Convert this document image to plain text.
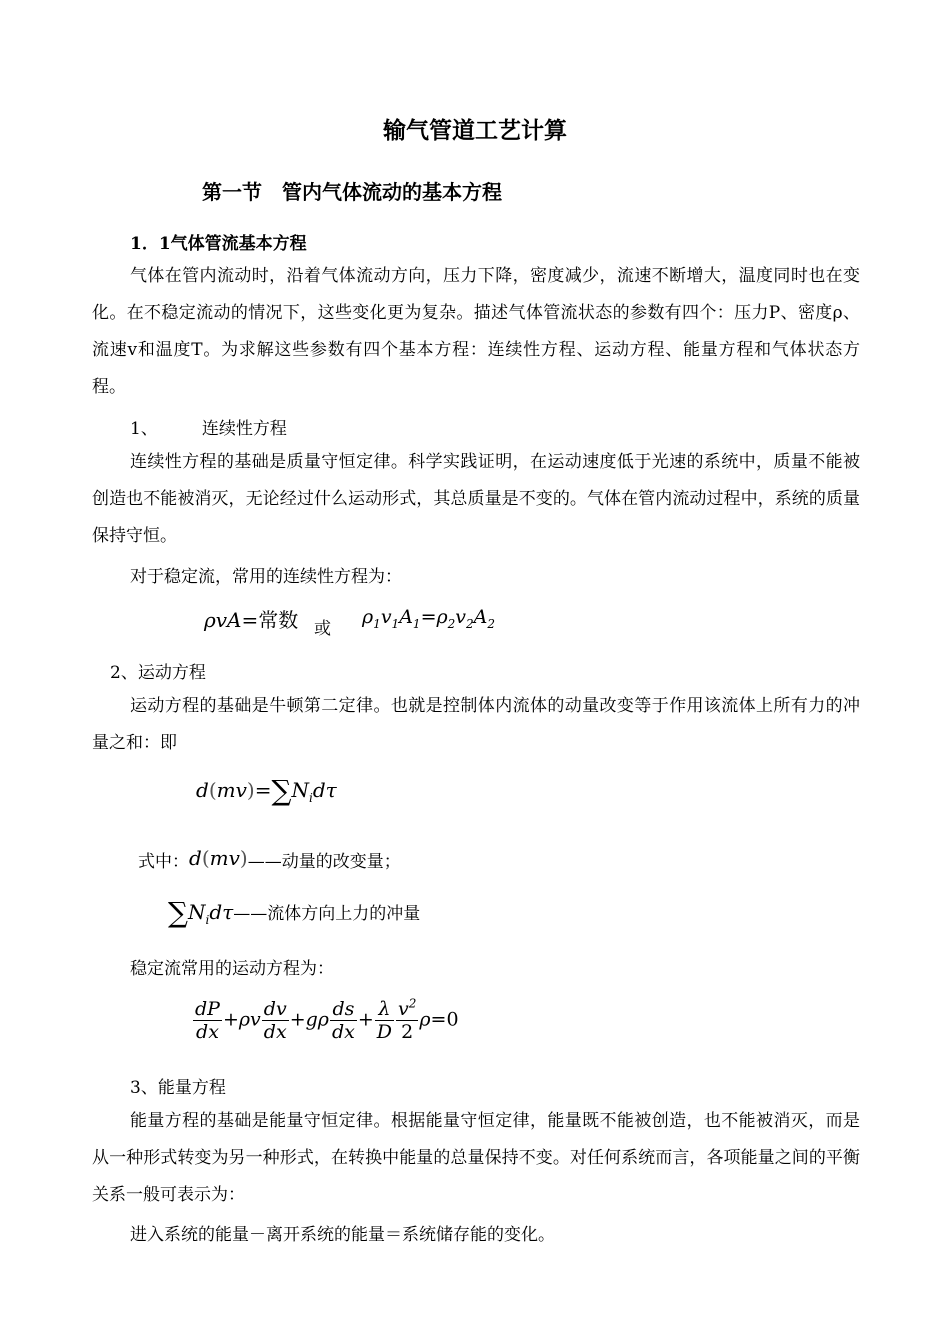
输气管道工艺计算
第一节　管内气体流动的基本方程
1．1气体管流基本方程
气体在管内流动时，沿着气体流动方向，压力下降，密度减少，流速不断增大，温度同时也在变化。在不稳定流动的情况下，这些变化更为复杂。描述气体管流状态的参数有四个：压力P、密度ρ、流速v和温度T。为求解这些参数有四个基本方程：连续性方程、运动方程、能量方程和气体状态方程。
1、	连续性方程
连续性方程的基础是质量守恒定律。科学实践证明，在运动速度低于光速的系统中，质量不能被创造也不能被消灭，无论经过什么运动形式，其总质量是不变的。气体在管内流动过程中，系统的质量保持守恒。
对于稳定流，常用的连续性方程为：
ρvA=常数 或
$\rho_1v_1A_1=\rho_2v_2A_2$
2、运动方程
运动方程的基础是牛顿第二定律。也就是控制体内流体的动量改变等于作用该流体上所有力的冲量之和：即
$d(mv)=\sum N_id\tau$
式中：d(mv)——动量的改变量；
$\sum N_id\tau——$流体方向上力的冲量
稳定流常用的运动方程为：
$\frac{dP}{dx} +\rho v \frac{dv}{dx} +g\rho \frac{ds}{dx} + \frac{\lambda}{D} \frac{v^2}{2} \rho=0$
3、能量方程
能量方程的基础是能量守恒定律。根据能量守恒定律，能量既不能被创造，也不能被消灭，而是从一种形式转变为另一种形式，在转换中能量的总量保持不变。对任何系统而言，各项能量之间的平衡关系一般可表示为：
进入系统的能量－离开系统的能量＝系统储存能的变化。
